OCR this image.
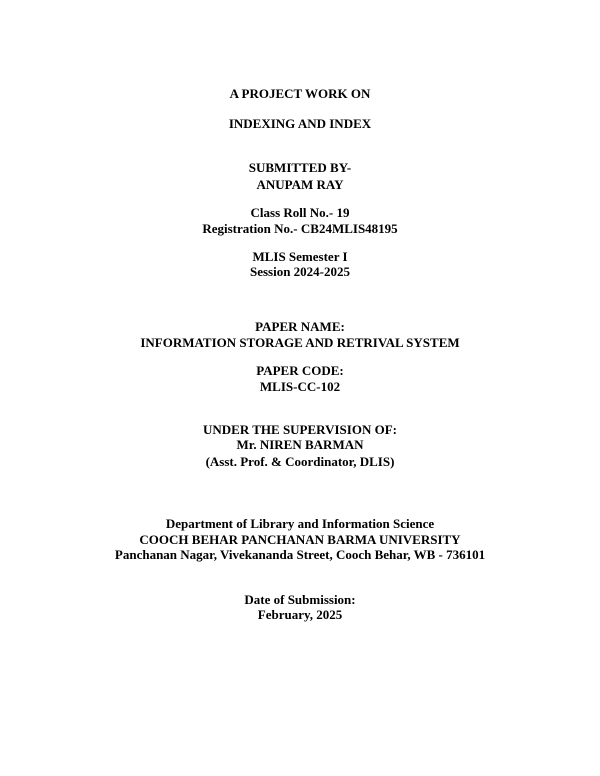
A PROJECT WORK ON
INDEXING AND INDEX
SUBMITTED BY-
ANUPAM RAY
Class Roll No.- 19
Registration No.- CB24MLIS48195
MLIS Semester I
Session 2024-2025
PAPER NAME:
INFORMATION STORAGE AND RETRIVAL SYSTEM
PAPER CODE:
MLIS-CC-102
UNDER THE SUPERVISION OF:
Mr. NIREN BARMAN
(Asst. Prof. & Coordinator, DLIS)
Department of Library and Information Science
COOCH BEHAR PANCHANAN BARMA UNIVERSITY
Panchanan Nagar, Vivekananda Street, Cooch Behar, WB - 736101
Date of Submission:
February, 2025
